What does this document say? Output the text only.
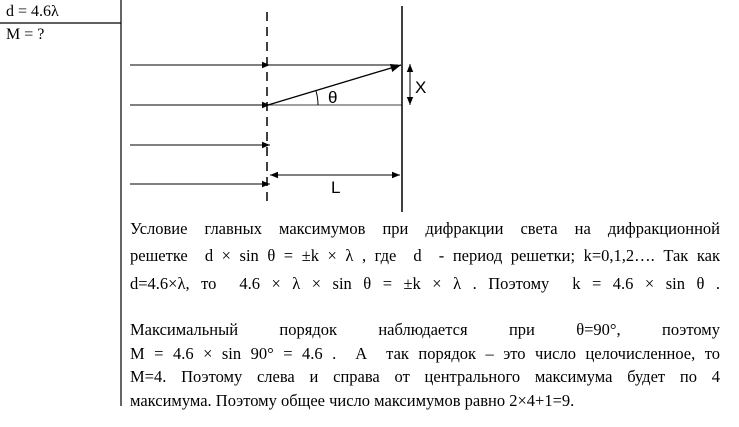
θ
X
L
d = 4.6λ
M = ?
Условие главных максимумов при дифракции света на дифракционной
решетке  d × sin θ = ±k × λ , где  d  - период решетки; k=0,1,2…. Так как
d=4.6×λ, то  4.6 × λ × sin θ = ±k × λ . Поэтому  k = 4.6 × sin θ .
Максимальный    порядок    наблюдается    при    θ=90°,    поэтому
M = 4.6 × sin 90° = 4.6 .  А  так порядок – это число целочисленное, то
M=4. Поэтому слева и справа от центрального максимума будет по 4
максимума. Поэтому общее число максимумов равно 2×4+1=9.
